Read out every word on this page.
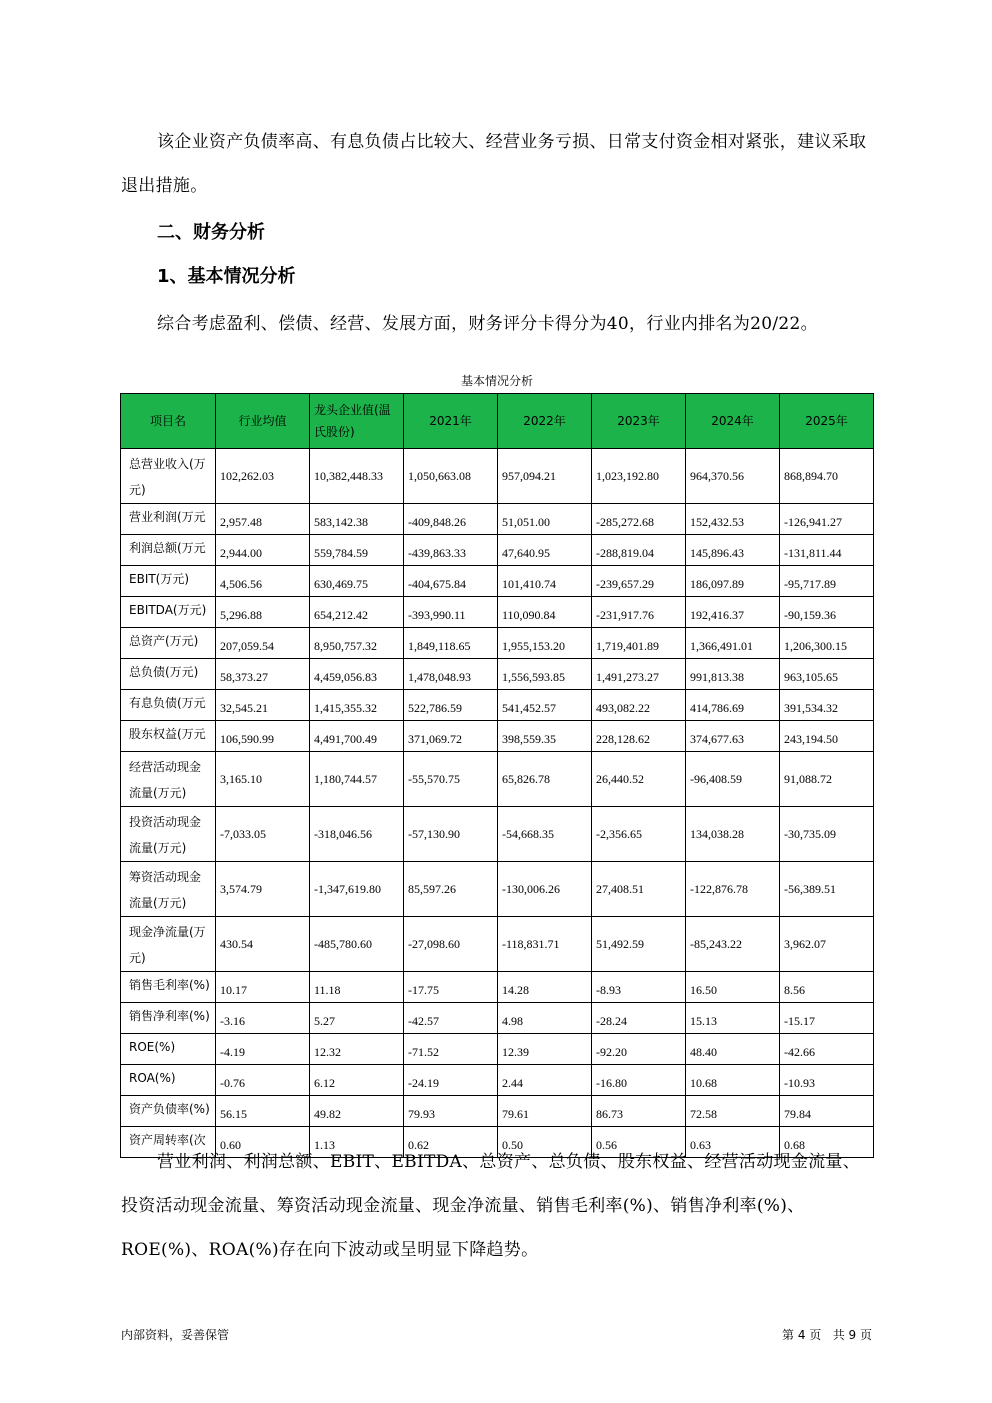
该企业资产负债率高、有息负债占比较大、经营业务亏损、日常支付资金相对紧张，建议采取退出措施。
二、财务分析
1、基本情况分析
综合考虑盈利、偿债、经营、发展方面，财务评分卡得分为40，行业内排名为20/22。
基本情况分析
项目名	行业均值	龙头企业值(温氏股份)	2021年	2022年	2023年	2024年	2025年
总营业收入(万元)	102,262.03	10,382,448.33	1,050,663.08	957,094.21	1,023,192.80	964,370.56	868,894.70
营业利润(万元	2,957.48	583,142.38	-409,848.26	51,051.00	-285,272.68	152,432.53	-126,941.27
利润总额(万元	2,944.00	559,784.59	-439,863.33	47,640.95	-288,819.04	145,896.43	-131,811.44
EBIT(万元)	4,506.56	630,469.75	-404,675.84	101,410.74	-239,657.29	186,097.89	-95,717.89
EBITDA(万元)	5,296.88	654,212.42	-393,990.11	110,090.84	-231,917.76	192,416.37	-90,159.36
总资产(万元)	207,059.54	8,950,757.32	1,849,118.65	1,955,153.20	1,719,401.89	1,366,491.01	1,206,300.15
总负债(万元)	58,373.27	4,459,056.83	1,478,048.93	1,556,593.85	1,491,273.27	991,813.38	963,105.65
有息负债(万元	32,545.21	1,415,355.32	522,786.59	541,452.57	493,082.22	414,786.69	391,534.32
股东权益(万元	106,590.99	4,491,700.49	371,069.72	398,559.35	228,128.62	374,677.63	243,194.50
经营活动现金流量(万元)	3,165.10	1,180,744.57	-55,570.75	65,826.78	26,440.52	-96,408.59	91,088.72
投资活动现金流量(万元)	-7,033.05	-318,046.56	-57,130.90	-54,668.35	-2,356.65	134,038.28	-30,735.09
筹资活动现金流量(万元)	3,574.79	-1,347,619.80	85,597.26	-130,006.26	27,408.51	-122,876.78	-56,389.51
现金净流量(万元)	430.54	-485,780.60	-27,098.60	-118,831.71	51,492.59	-85,243.22	3,962.07
销售毛利率(%)	10.17	11.18	-17.75	14.28	-8.93	16.50	8.56
销售净利率(%)	-3.16	5.27	-42.57	4.98	-28.24	15.13	-15.17
ROE(%)	-4.19	12.32	-71.52	12.39	-92.20	48.40	-42.66
ROA(%)	-0.76	6.12	-24.19	2.44	-16.80	10.68	-10.93
资产负债率(%)	56.15	49.82	79.93	79.61	86.73	72.58	79.84
资产周转率(次	0.60	1.13	0.62	0.50	0.56	0.63	0.68
营业利润、利润总额、EBIT、EBITDA、总资产、总负债、股东权益、经营活动现金流量、投资活动现金流量、筹资活动现金流量、现金净流量、销售毛利率(%)、销售净利率(%)、ROE(%)、ROA(%)存在向下波动或呈明显下降趋势。
内部资料，妥善保管	第 4 页   共 9 页
